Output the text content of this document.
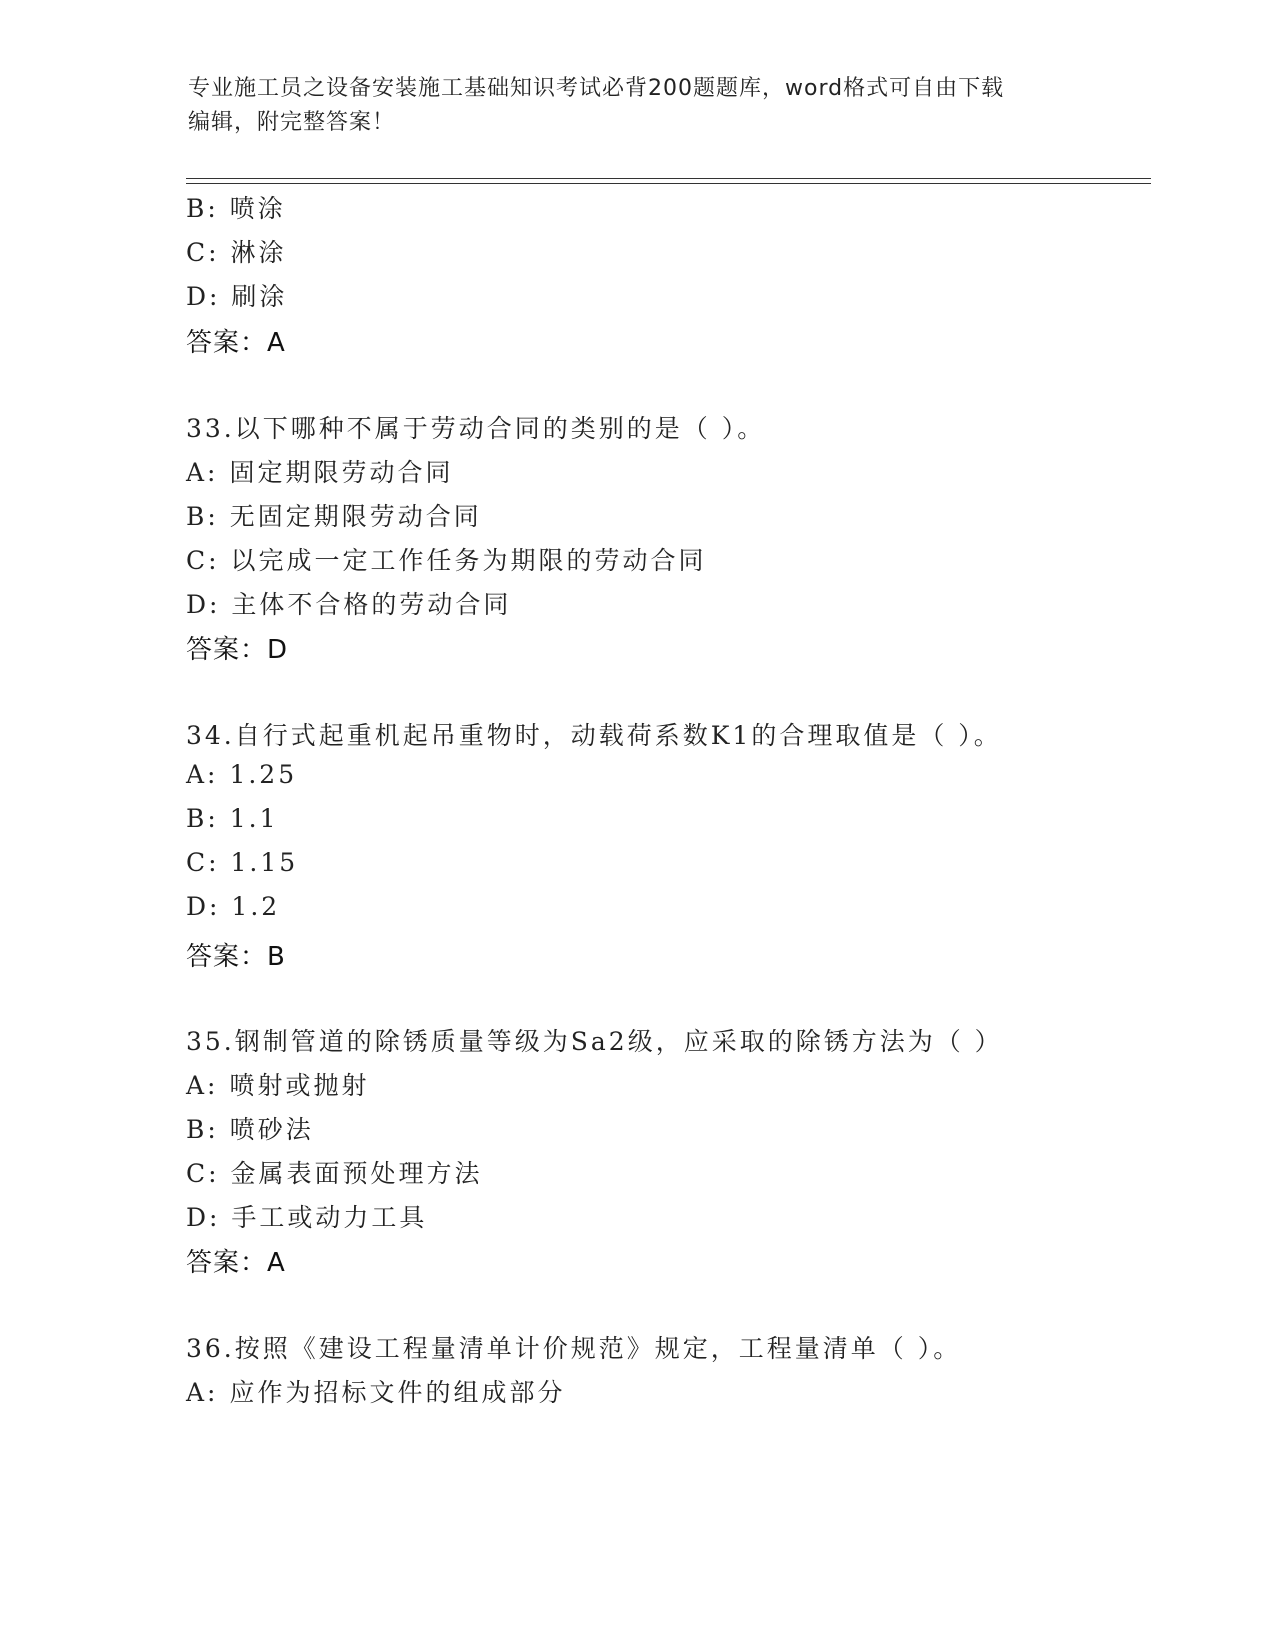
专业施工员之设备安装施工基础知识考试必背200题题库，word格式可自由下载
编辑，附完整答案！
B: 喷涂
C: 淋涂
D: 刷涂
答案：A
33.以下哪种不属于劳动合同的类别的是（ ）。
A: 固定期限劳动合同
B: 无固定期限劳动合同
C: 以完成一定工作任务为期限的劳动合同
D: 主体不合格的劳动合同
答案：D
34.自行式起重机起吊重物时，动载荷系数K1的合理取值是（ ）。
A: 1.25
B: 1.1
C: 1.15
D: 1.2
答案：B
35.钢制管道的除锈质量等级为Sa2级，应采取的除锈方法为（ ）
A: 喷射或抛射
B: 喷砂法
C: 金属表面预处理方法
D: 手工或动力工具
答案：A
36.按照《建设工程量清单计价规范》规定，工程量清单（ ）。
A: 应作为招标文件的组成部分
